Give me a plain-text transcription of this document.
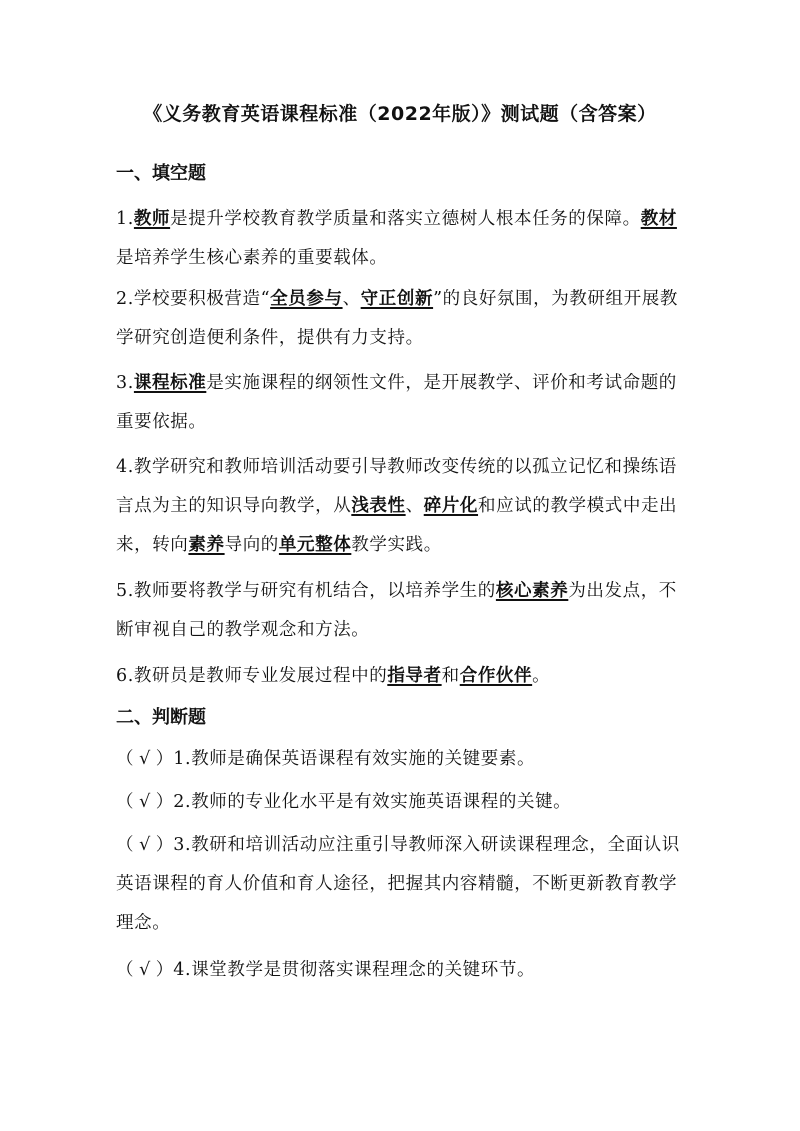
《义务教育英语课程标准（2022年版）》测试题（含答案）
一、填空题
1.教师是提升学校教育教学质量和落实立德树人根本任务的保障。教材是培养学生核心素养的重要载体。
2.学校要积极营造“全员参与、守正创新”的良好氛围，为教研组开展教学研究创造便利条件，提供有力支持。
3.课程标准是实施课程的纲领性文件，是开展教学、评价和考试命题的重要依据。
4.教学研究和教师培训活动要引导教师改变传统的以孤立记忆和操练语言点为主的知识导向教学，从浅表性、碎片化和应试的教学模式中走出来，转向素养导向的单元整体教学实践。
5.教师要将教学与研究有机结合，以培养学生的核心素养为出发点，不断审视自己的教学观念和方法。
6.教研员是教师专业发展过程中的指导者和合作伙伴。
二、判断题
（ √ ）1.教师是确保英语课程有效实施的关键要素。
（ √ ）2.教师的专业化水平是有效实施英语课程的关键。
（ √ ）3.教研和培训活动应注重引导教师深入研读课程理念，全面认识英语课程的育人价值和育人途径，把握其内容精髓，不断更新教育教学理念。
（ √ ）4.课堂教学是贯彻落实课程理念的关键环节。
